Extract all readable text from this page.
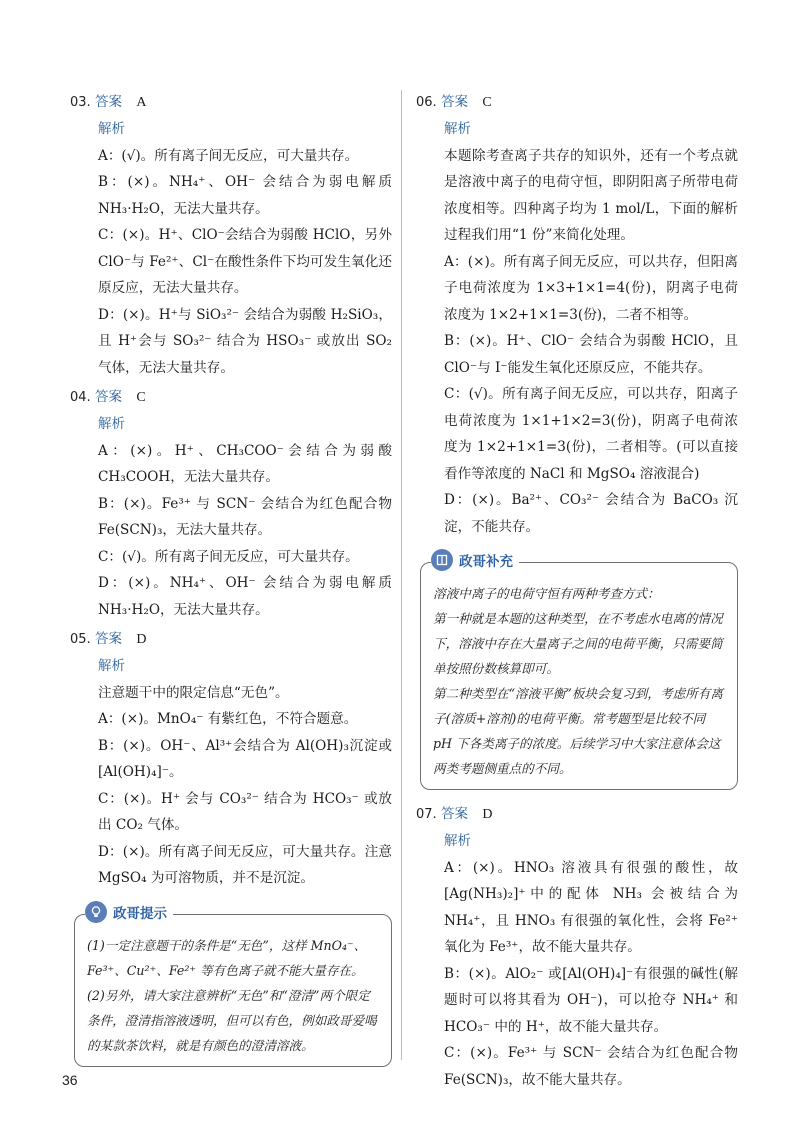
03. 答案 A

解析

A：(√)。所有离子间无反应，可大量共存。

B：(×)。NH₄⁺、OH⁻ 会结合为弱电解质 NH₃·H₂O，无法大量共存。

C：(×)。H⁺、ClO⁻会结合为弱酸 HClO，另外 ClO⁻与 Fe²⁺、Cl⁻在酸性条件下均可发生氧化还原反应，无法大量共存。

D：(×)。H⁺与 SiO₃²⁻ 会结合为弱酸 H₂SiO₃，且 H⁺会与 SO₃²⁻ 结合为 HSO₃⁻ 或放出 SO₂ 气体，无法大量共存。

04. 答案 C

解析

A：(×)。H⁺、CH₃COO⁻会结合为弱酸 CH₃COOH，无法大量共存。

B：(×)。Fe³⁺ 与 SCN⁻ 会结合为红色配合物 Fe(SCN)₃，无法大量共存。

C：(√)。所有离子间无反应，可大量共存。

D：(×)。NH₄⁺、OH⁻ 会结合为弱电解质 NH₃·H₂O，无法大量共存。

05. 答案 D

解析

注意题干中的限定信息“无色”。

A：(×)。MnO₄⁻ 有紫红色，不符合题意。

B：(×)。OH⁻、Al³⁺会结合为 Al(OH)₃沉淀或[Al(OH)₄]⁻。

C：(×)。H⁺ 会与 CO₃²⁻ 结合为 HCO₃⁻ 或放出 CO₂ 气体。

D：(×)。所有离子间无反应，可大量共存。注意 MgSO₄ 为可溶物质，并不是沉淀。

政哥提示

(1)一定注意题干的条件是“无色”，这样 MnO₄⁻、Fe³⁺、Cu²⁺、Fe²⁺ 等有色离子就不能大量存在。

(2)另外，请大家注意辨析“无色”和“澄清”两个限定条件，澄清指溶液透明，但可以有色，例如政哥爱喝的某款茶饮料，就是有颜色的澄清溶液。

06. 答案 C

解析

本题除考查离子共存的知识外，还有一个考点就是溶液中离子的电荷守恒，即阴阳离子所带电荷浓度相等。四种离子均为 1 mol/L，下面的解析过程我们用“1 份”来简化处理。

A：(×)。所有离子间无反应，可以共存，但阳离子电荷浓度为 1×3+1×1=4(份)，阴离子电荷浓度为 1×2+1×1=3(份)，二者不相等。

B：(×)。H⁺、ClO⁻ 会结合为弱酸 HClO，且 ClO⁻与 I⁻能发生氧化还原反应，不能共存。

C：(√)。所有离子间无反应，可以共存，阳离子电荷浓度为 1×1+1×2=3(份)，阴离子电荷浓度为 1×2+1×1=3(份)，二者相等。(可以直接看作等浓度的 NaCl 和 MgSO₄ 溶液混合)

D：(×)。Ba²⁺、CO₃²⁻ 会结合为 BaCO₃ 沉淀，不能共存。

政哥补充

溶液中离子的电荷守恒有两种考查方式：

第一种就是本题的这种类型，在不考虑水电离的情况下，溶液中存在大量离子之间的电荷平衡，只需要简单按照份数核算即可。

第二种类型在“溶液平衡”板块会复习到，考虑所有离子(溶质+溶剂)的电荷平衡。常考题型是比较不同 pH 下各类离子的浓度。后续学习中大家注意体会这两类考题侧重点的不同。

07. 答案 D

解析

A：(×)。HNO₃ 溶液具有很强的酸性，故[Ag(NH₃)₂]⁺中的配体 NH₃ 会被结合为 NH₄⁺，且 HNO₃ 有很强的氧化性，会将 Fe²⁺ 氧化为 Fe³⁺，故不能大量共存。

B：(×)。AlO₂⁻ 或[Al(OH)₄]⁻有很强的碱性(解题时可以将其看为 OH⁻)，可以抢夺 NH₄⁺ 和 HCO₃⁻ 中的 H⁺，故不能大量共存。

C：(×)。Fe³⁺ 与 SCN⁻ 会结合为红色配合物 Fe(SCN)₃，故不能大量共存。

36
